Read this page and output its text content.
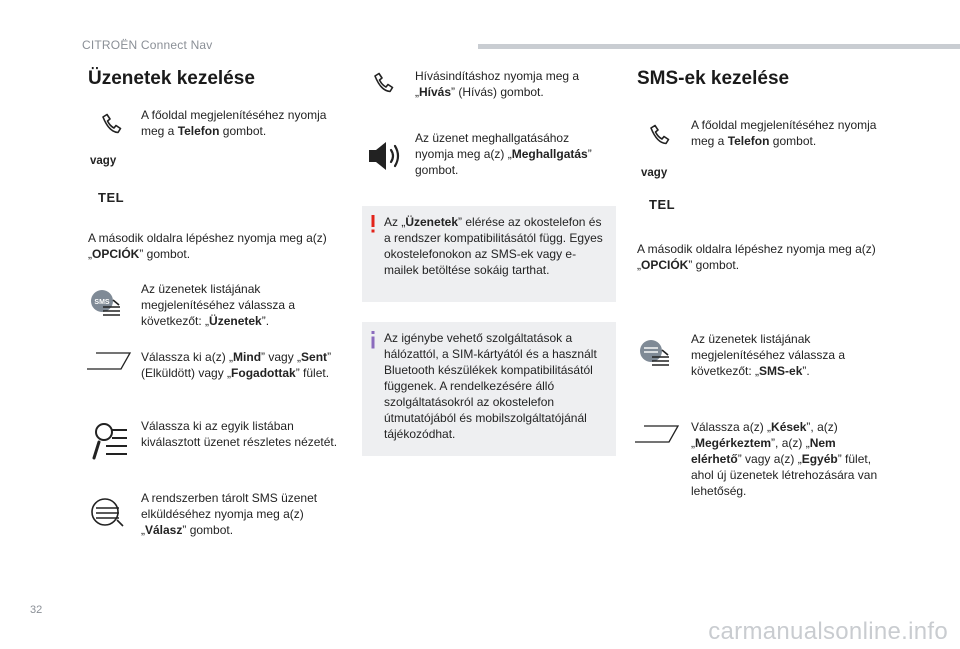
CITROËN Connect Nav
Üzenetek kezelése
A főoldal megjelenítéséhez nyomja meg a Telefon gombot.
vagy
TEL
A második oldalra lépéshez nyomja meg a(z) „OPCIÓK” gombot.
SMS
Az üzenetek listájának megjelenítéséhez válassza a következőt: „Üzenetek”.
Válassza ki a(z) „Mind” vagy „Sent” (Elküldött) vagy „Fogadottak” fület.
Válassza ki az egyik listában kiválasztott üzenet részletes nézetét.
A rendszerben tárolt SMS üzenet elküldéséhez nyomja meg a(z) „Válasz” gombot.
Hívásindításhoz nyomja meg a „Hívás” (Hívás) gombot.
Az üzenet meghallgatásához nyomja meg a(z) „Meghallgatás” gombot.
Az „Üzenetek” elérése az okostelefon és a rendszer kompatibilitásától függ. Egyes okostelefonokon az SMS-ek vagy e-mailek betöltése sokáig tarthat.
Az igénybe vehető szolgáltatások a hálózattól, a SIM-kártyától és a használt Bluetooth készülékek kompatibilitásától függenek. A rendelkezésére álló szolgáltatásokról az okostelefon útmutatójából és mobilszolgáltatójánál tájékozódhat.
SMS-ek kezelése
A főoldal megjelenítéséhez nyomja meg a Telefon gombot.
vagy
TEL
A második oldalra lépéshez nyomja meg a(z) „OPCIÓK” gombot.
Az üzenetek listájának megjelenítéséhez válassza a következőt: „SMS-ek”.
Válassza a(z) „Kések”, a(z) „Megérkeztem”, a(z) „Nem elérhető” vagy a(z) „Egyéb” fület, ahol új üzenetek létrehozására van lehetőség.
32
carmanualsonline.info
